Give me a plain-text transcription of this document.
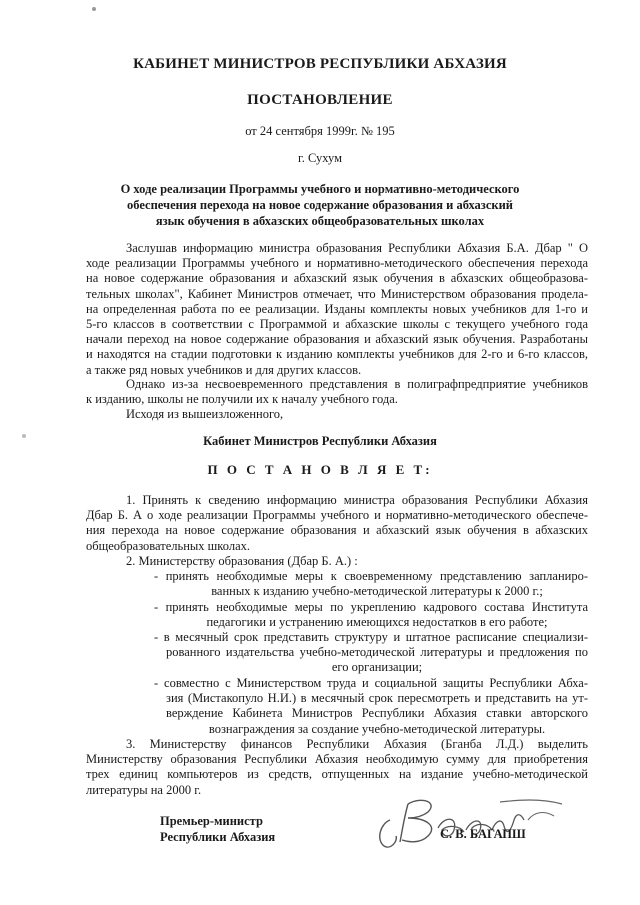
КАБИНЕТ МИНИСТРОВ РЕСПУБЛИКИ АБХАЗИЯ
ПОСТАНОВЛЕНИЕ
от 24 сентября 1999г. № 195
г. Сухум
О ходе реализации Программы учебного и нормативно-методического
обеспечения перехода на новое содержание образования и абхазский
язык обучения в абхазских общеобразовательных школах
Заслушав информацию министра образования Республики Абхазия Б.А. Дбар " О
ходе реализации Программы учебного и нормативно-методического обеспечения перехода
на новое содержание образования и абхазский язык обучения в абхазских общеобразова-
тельных школах", Кабинет Министров отмечает, что Министерством образования продела-
на определенная работа по ее реализации. Изданы комплекты новых учебников для 1-го и
5-го классов в соответствии с Программой и абхазские школы с текущего учебного года
начали переход на новое содержание образования и абхазский язык обучения. Разработаны
и находятся на стадии подготовки к изданию комплекты учебников для 2-го и 6-го классов,
а также ряд новых учебников и для других классов.
Однако из-за несвоевременного представления в полиграфпредприятие учебников
к изданию, школы не получили их к началу учебного года.
Исходя из вышеизложенного,
Кабинет Министров Республики Абхазия
П О С Т А Н О В Л Я Е Т:
1. Принять к сведению информацию министра образования Республики Абхазия
Дбар Б. А о ходе реализации Программы учебного и нормативно-методического обеспече-
ния перехода на новое содержание образования и абхазский язык обучения в абхазских
общеобразовательных школах.
2. Министерству образования (Дбар Б. А.) :
- принять необходимые меры к своевременному представлению запланиро-
ванных к изданию учебно-методической литературы к 2000 г.;
- принять необходимые меры по укреплению кадрового состава Института
педагогики и устранению имеющихся недостатков в его работе;
- в месячный срок представить структуру и штатное расписание специализи-
рованного издательства учебно-методической литературы и предложения по
его организации;
- совместно с Министерством труда и социальной защиты Республики Абха-
зия (Мистакопуло Н.И.) в месячный срок пересмотреть и представить на ут-
верждение Кабинета Министров Республики Абхазия ставки авторского
вознаграждения за создание учебно-методической литературы.
3. Министерству финансов Республики Абхазия (Бганба Л.Д.) выделить
Министерству образования Республики Абхазия необходимую сумму для приобретения
трех единиц компьютеров из средств, отпущенных на издание учебно-методической
литературы на 2000 г.
Премьер-министр
Республики Абхазия	С. В. БАГАПШ
